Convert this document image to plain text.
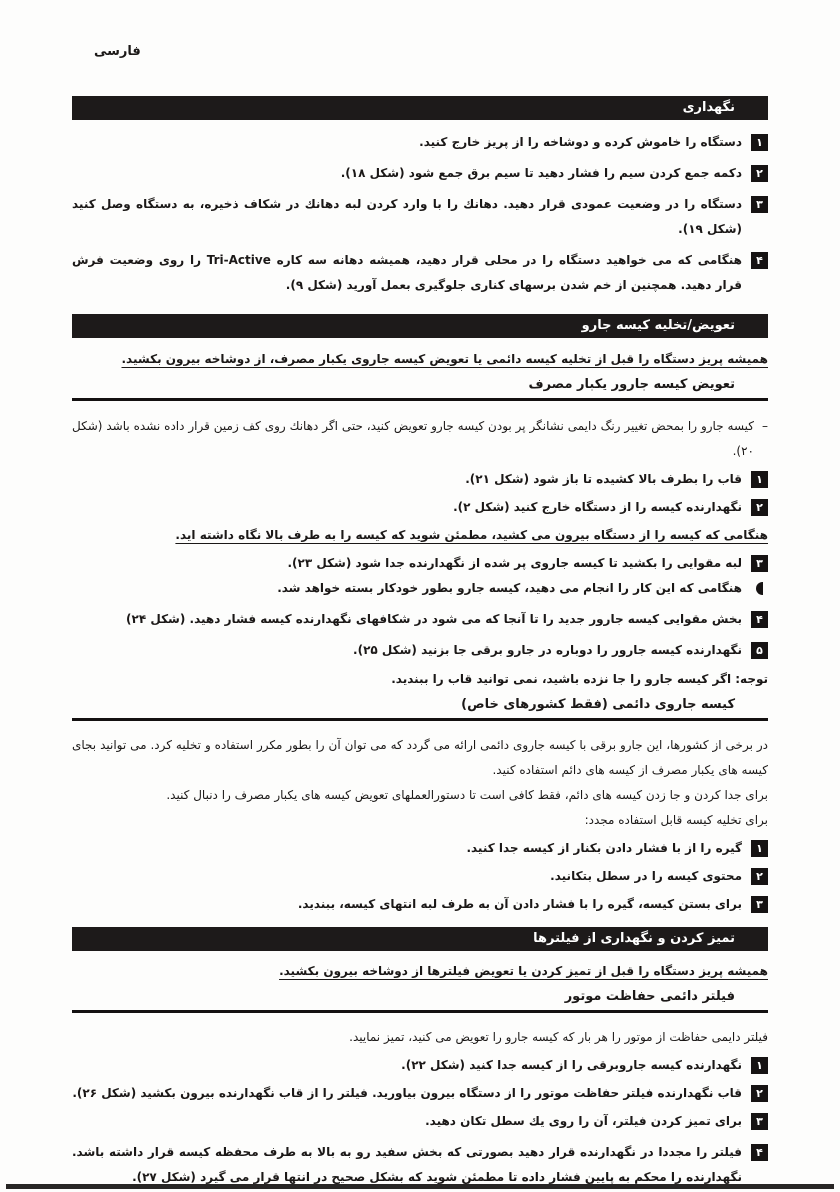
فارسی
نگهداری
۱
دستگاه را خاموش کرده و دوشاخه را از پریز خارج کنید.
۲
دکمه جمع کردن سیم را فشار دهید تا سیم برق جمع شود (شکل ۱۸).
۳
دستگاه را در وضعیت عمودی قرار دهید. دهانك را با وارد کردن لبه دهانك در شکاف ذخیره، به دستگاه وصل کنید (شکل ۱۹).
۴
هنگامی که می خواهید دستگاه را در محلی قرار دهید، همیشه دهانه سه کاره Tri-Active را روی وضعیت فرش قرار دهید. همچنین از خم شدن برسهای کناری جلوگیری بعمل آورید (شکل ۹).
تعویض/تخلیه کیسه جارو
همیشه پریز دستگاه را قبل از تخلیه کیسه دائمی یا تعویض کیسه جاروی یکبار مصرف، از دوشاخه بیرون بکشید.
تعویض کیسه جارور یکبار مصرف
–
کیسه جارو را بمحض تغییر رنگ دایمی نشانگر پر بودن کیسه جارو تعویض کنید، حتی اگر دهانك روی کف زمین قرار داده نشده باشد (شکل ۲۰).
۱
قاب را بطرف بالا کشیده تا باز شود (شکل ۲۱).
۲
نگهدارنده کیسه را از دستگاه خارج کنید (شکل ۲).
هنگامی که کیسه را از دستگاه بیرون می کشید، مطمئن شوید که کیسه را به طرف بالا نگاه داشته اید.
۳
لبه مقوایی را بکشید تا کیسه جاروی پر شده از نگهدارنده جدا شود (شکل ۲۳).
هنگامی که این کار را انجام می دهید، کیسه جارو بطور خودکار بسته خواهد شد.
۴
بخش مقوایی کیسه جارور جدید را تا آنجا که می شود در شکافهای نگهدارنده کیسه فشار دهید. (شکل ۲۴)
۵
نگهدارنده کیسه جارور را دوباره در جارو برقی جا بزنید (شکل ۲۵).
توجه: اگر کیسه جارو را جا نزده باشید، نمی توانید قاب را ببندید.
کیسه جاروی دائمی (فقط کشورهای خاص)
در برخی از کشورها، این جارو برقی با کیسه جاروی دائمی ارائه می گردد که می توان آن را بطور مکرر استفاده و تخلیه کرد. می توانید بجای کیسه های یکبار مصرف از کیسه های دائم استفاده کنید.
برای جدا کردن و جا زدن کیسه های دائم، فقط کافی است تا دستورالعملهای تعویض کیسه های یکبار مصرف را دنبال کنید.
برای تخلیه کیسه قابل استفاده مجدد:
۱
گیره را از با فشار دادن بکنار از کیسه جدا کنید.
۲
محتوی کیسه را در سطل بتکانید.
۳
برای بستن کیسه، گیره را با فشار دادن آن به طرف لبه انتهای کیسه، ببندید.
تمیز کردن و نگهداری از فیلترها
همیشه پریز دستگاه را قبل از تمیز کردن یا تعویض فیلترها از دوشاخه بیرون بکشید.
فیلتر دائمی حفاظت موتور
فیلتر دایمی حفاظت از موتور را هر بار که کیسه جارو را تعویض می کنید، تمیز نمایید.
۱
نگهدارنده کیسه جاروبرقی را از کیسه جدا کنید (شکل ۲۲).
۲
قاب نگهدارنده فیلتر حفاظت موتور را از دستگاه بیرون بیاورید. فیلتر را از قاب نگهدارنده بیرون بکشید (شکل ۲۶).
۳
برای تمیز کردن فیلتر، آن را روی یك سطل تکان دهید.
۴
فیلتر را مجددا در نگهدارنده قرار دهید بصورتی که بخش سفید رو به بالا به طرف محفظه کیسه قرار داشته باشد. نگهدارنده را محکم به پایین فشار داده تا مطمئن شوید که بشکل صحیح در انتها قرار می گیرد (شکل ۲۷).
